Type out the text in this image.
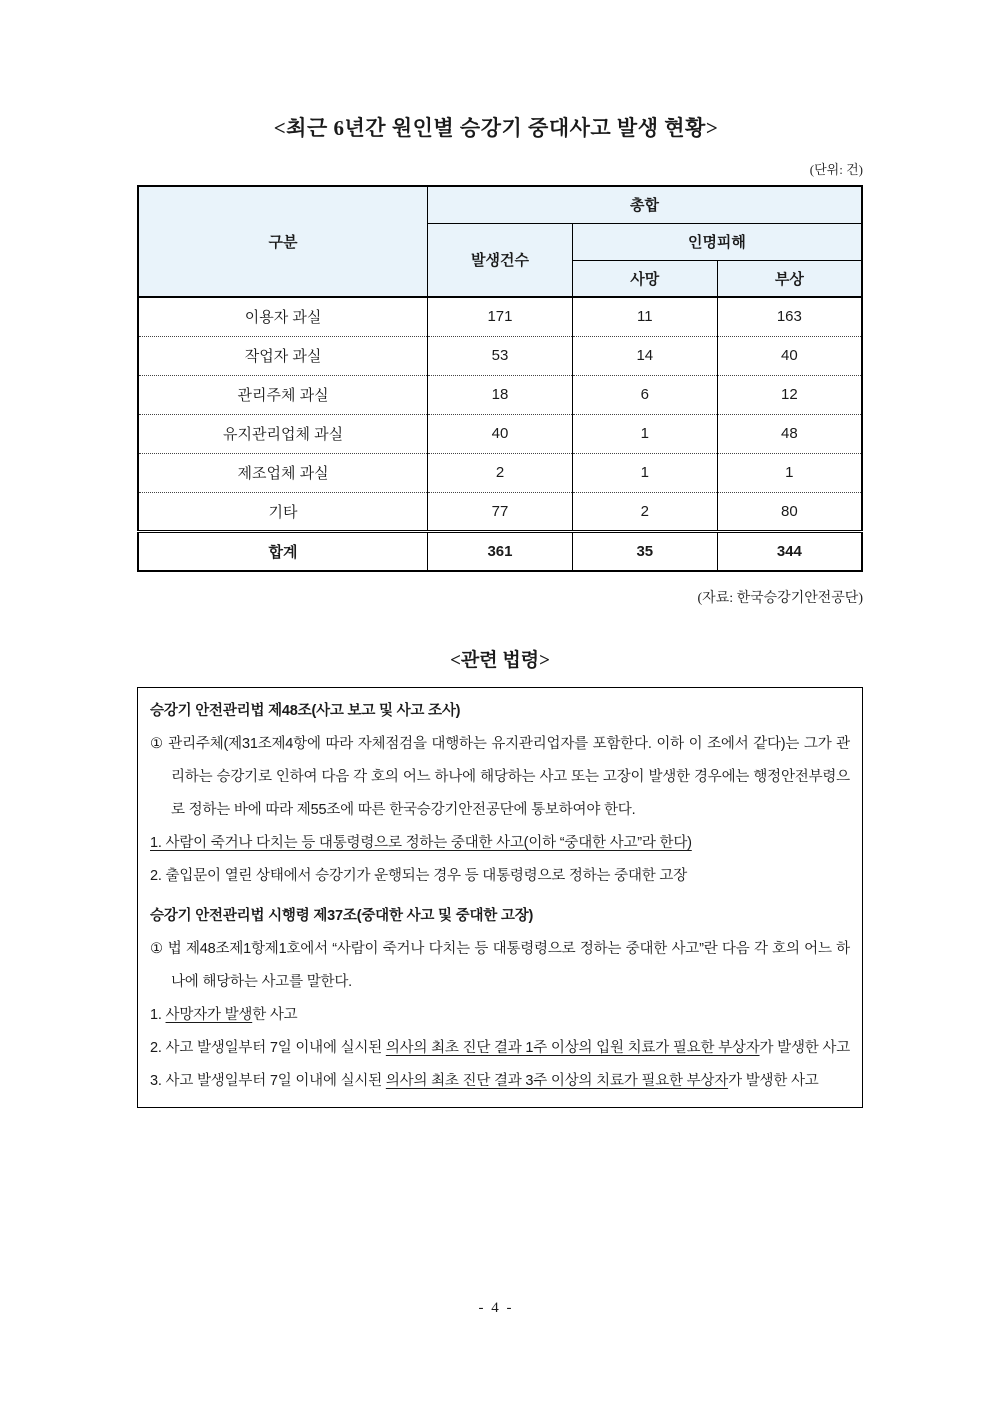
<최근 6년간 원인별 승강기 중대사고 발생 현황>
(단위: 건)
구분	총합		
	발생건수	인명피해	
		사망	부상
이용자 과실	171	11	163
작업자 과실	53	14	40
관리주체 과실	18	6	12
유지관리업체 과실	40	1	48
제조업체 과실	2	1	1
기타	77	2	80
합계	361	35	344
(자료: 한국승강기안전공단)
<관련 법령>

승강기 안전관리법 제48조(사고 보고 및 사고 조사)

① 관리주체(제31조제4항에 따라 자체점검을 대행하는 유지관리업자를 포함한다. 이하 이 조에서 같다)는 그가 관리하는 승강기로 인하여 다음 각 호의 어느 하나에 해당하는 사고 또는 고장이 발생한 경우에는 행정안전부령으로 정하는 바에 따라 제55조에 따른 한국승강기안전공단에 통보하여야 한다.

1. 사람이 죽거나 다치는 등 대통령령으로 정하는 중대한 사고(이하 “중대한 사고”라 한다)

2. 출입문이 열린 상태에서 승강기가 운행되는 경우 등 대통령령으로 정하는 중대한 고장

승강기 안전관리법 시행령 제37조(중대한 사고 및 중대한 고장)

① 법 제48조제1항제1호에서 “사람이 죽거나 다치는 등 대통령령으로 정하는 중대한 사고”란 다음 각 호의 어느 하나에 해당하는 사고를 말한다.

1. 사망자가 발생한 사고

2. 사고 발생일부터 7일 이내에 실시된 의사의 최초 진단 결과 1주 이상의 입원 치료가 필요한 부상자가 발생한 사고

3. 사고 발생일부터 7일 이내에 실시된 의사의 최초 진단 결과 3주 이상의 치료가 필요한 부상자가 발생한 사고

- 4 -
